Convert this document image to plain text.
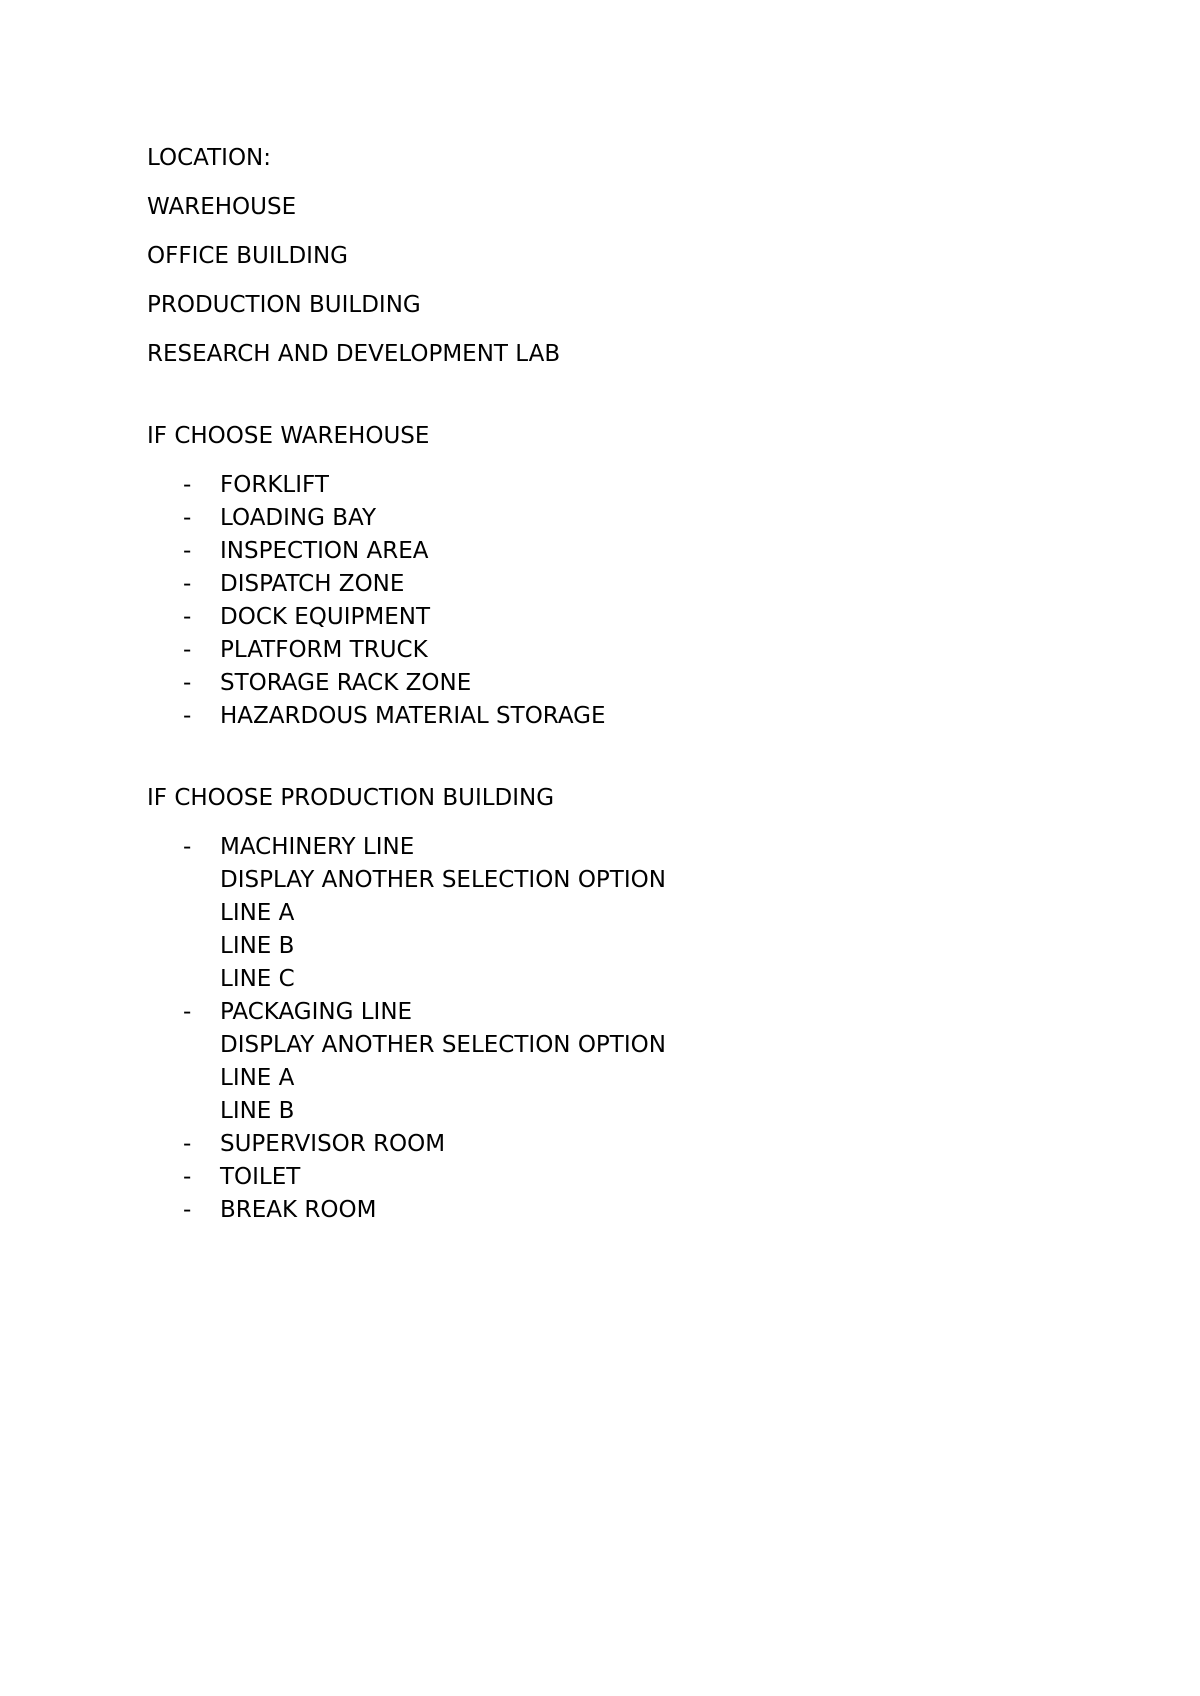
LOCATION:

WAREHOUSE

OFFICE BUILDING

PRODUCTION BUILDING

RESEARCH AND DEVELOPMENT LAB

IF CHOOSE WAREHOUSE

- FORKLIFT
- LOADING BAY
- INSPECTION AREA
- DISPATCH ZONE
- DOCK EQUIPMENT
- PLATFORM TRUCK
- STORAGE RACK ZONE
- HAZARDOUS MATERIAL STORAGE

IF CHOOSE PRODUCTION BUILDING

- MACHINERY LINE
DISPLAY ANOTHER SELECTION OPTION
LINE A
LINE B
LINE C
- PACKAGING LINE
DISPLAY ANOTHER SELECTION OPTION
LINE A
LINE B
- SUPERVISOR ROOM
- TOILET
- BREAK ROOM
